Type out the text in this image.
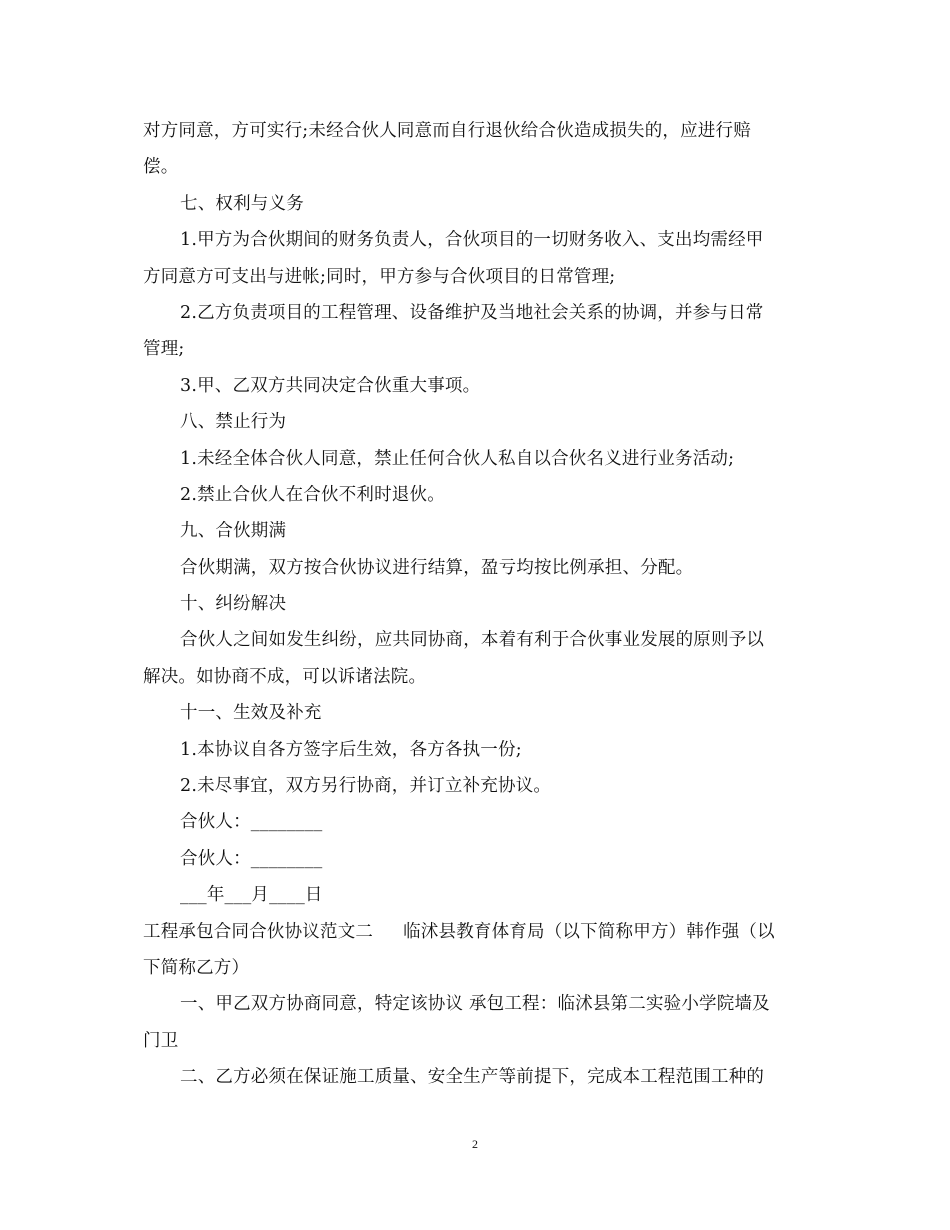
对方同意，方可实行;未经合伙人同意而自行退伙给合伙造成损失的，应进行赔
偿。
七、权利与义务
1.甲方为合伙期间的财务负责人，合伙项目的一切财务收入、支出均需经甲
方同意方可支出与进帐;同时，甲方参与合伙项目的日常管理;
2.乙方负责项目的工程管理、设备维护及当地社会关系的协调，并参与日常
管理;
3.甲、乙双方共同决定合伙重大事项。
八、禁止行为
1.未经全体合伙人同意，禁止任何合伙人私自以合伙名义进行业务活动;
2.禁止合伙人在合伙不利时退伙。
九、合伙期满
合伙期满，双方按合伙协议进行结算，盈亏均按比例承担、分配。
十、纠纷解决
合伙人之间如发生纠纷，应共同协商，本着有利于合伙事业发展的原则予以
解决。如协商不成，可以诉诸法院。
十一、生效及补充
1.本协议自各方签字后生效，各方各执一份;
2.未尽事宜，双方另行协商，并订立补充协议。
合伙人：________
合伙人：________
___年___月____日
工程承包合同合伙协议范文二 临沭县教育体育局（以下简称甲方）韩作强（以
下简称乙方）
一、甲乙双方协商同意，特定该协议 承包工程：临沭县第二实验小学院墙及
门卫
二、乙方必须在保证施工质量、安全生产等前提下，完成本工程范围工种的
2
